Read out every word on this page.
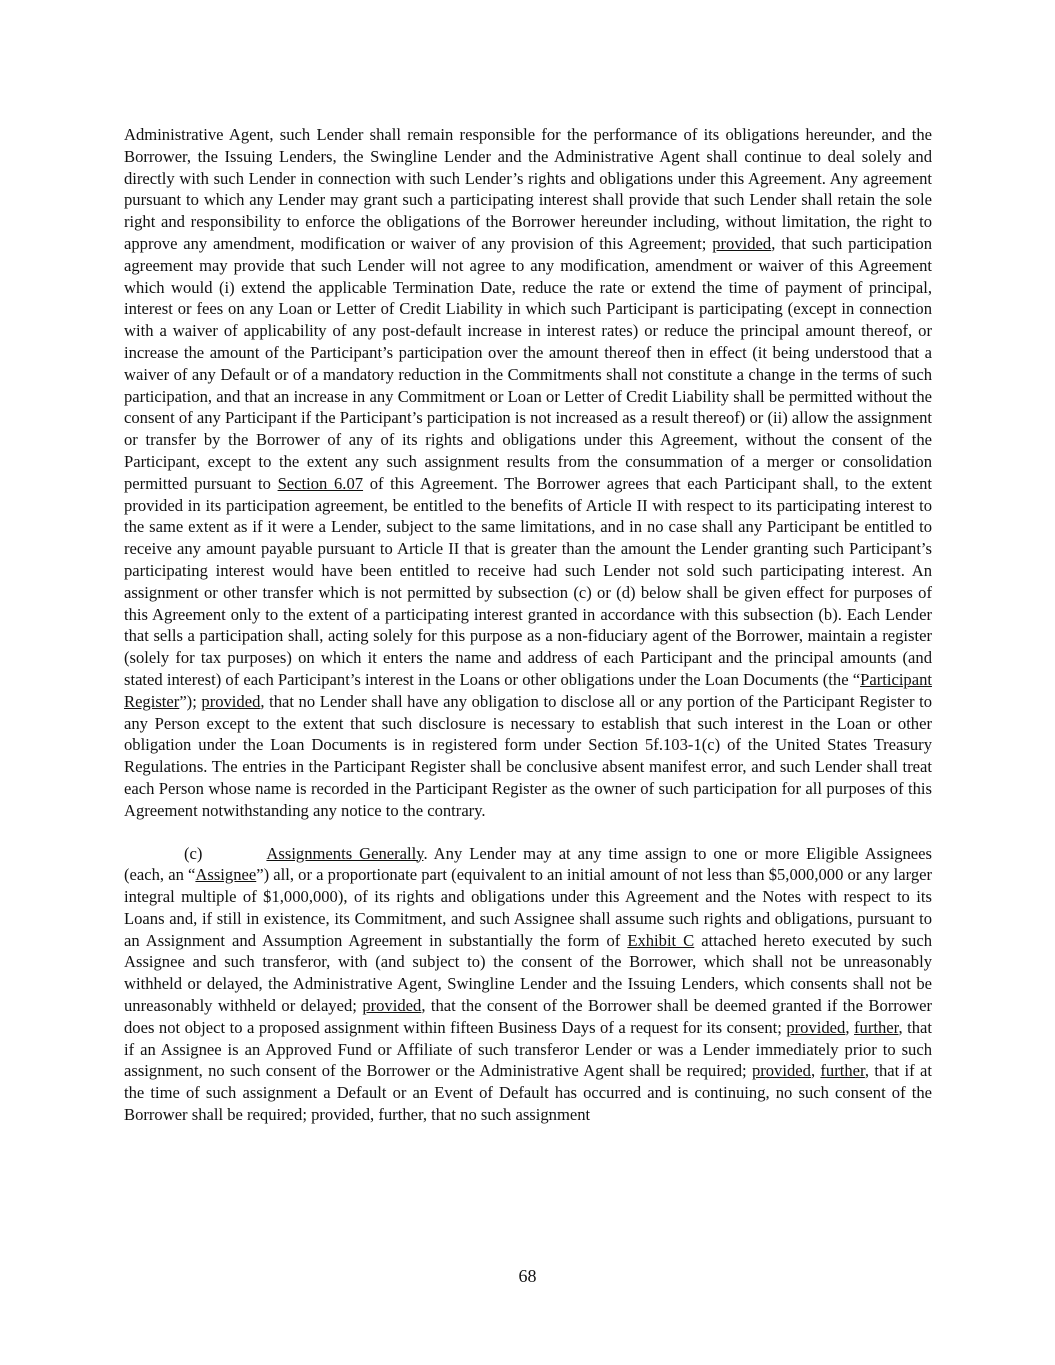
Administrative Agent, such Lender shall remain responsible for the performance of its obligations hereunder, and the Borrower, the Issuing Lenders, the Swingline Lender and the Administrative Agent shall continue to deal solely and directly with such Lender in connection with such Lender’s rights and obligations under this Agreement. Any agreement pursuant to which any Lender may grant such a participating interest shall provide that such Lender shall retain the sole right and responsibility to enforce the obligations of the Borrower hereunder including, without limitation, the right to approve any amendment, modification or waiver of any provision of this Agreement; provided, that such participation agreement may provide that such Lender will not agree to any modification, amendment or waiver of this Agreement which would (i) extend the applicable Termination Date, reduce the rate or extend the time of payment of principal, interest or fees on any Loan or Letter of Credit Liability in which such Participant is participating (except in connection with a waiver of applicability of any post-default increase in interest rates) or reduce the principal amount thereof, or increase the amount of the Participant’s participation over the amount thereof then in effect (it being understood that a waiver of any Default or of a mandatory reduction in the Commitments shall not constitute a change in the terms of such participation, and that an increase in any Commitment or Loan or Letter of Credit Liability shall be permitted without the consent of any Participant if the Participant’s participation is not increased as a result thereof) or (ii) allow the assignment or transfer by the Borrower of any of its rights and obligations under this Agreement, without the consent of the Participant, except to the extent any such assignment results from the consummation of a merger or consolidation permitted pursuant to Section 6.07 of this Agreement. The Borrower agrees that each Participant shall, to the extent provided in its participation agreement, be entitled to the benefits of Article II with respect to its participating interest to the same extent as if it were a Lender, subject to the same limitations, and in no case shall any Participant be entitled to receive any amount payable pursuant to Article II that is greater than the amount the Lender granting such Participant’s participating interest would have been entitled to receive had such Lender not sold such participating interest. An assignment or other transfer which is not permitted by subsection (c) or (d) below shall be given effect for purposes of this Agreement only to the extent of a participating interest granted in accordance with this subsection (b). Each Lender that sells a participation shall, acting solely for this purpose as a non-fiduciary agent of the Borrower, maintain a register (solely for tax purposes) on which it enters the name and address of each Participant and the principal amounts (and stated interest) of each Participant’s interest in the Loans or other obligations under the Loan Documents (the “Participant Register”); provided, that no Lender shall have any obligation to disclose all or any portion of the Participant Register to any Person except to the extent that such disclosure is necessary to establish that such interest in the Loan or other obligation under the Loan Documents is in registered form under Section 5f.103-1(c) of the United States Treasury Regulations. The entries in the Participant Register shall be conclusive absent manifest error, and such Lender shall treat each Person whose name is recorded in the Participant Register as the owner of such participation for all purposes of this Agreement notwithstanding any notice to the contrary.

(c)	Assignments Generally. Any Lender may at any time assign to one or more Eligible Assignees (each, an “Assignee”) all, or a proportionate part (equivalent to an initial amount of not less than $5,000,000 or any larger integral multiple of $1,000,000), of its rights and obligations under this Agreement and the Notes with respect to its Loans and, if still in existence, its Commitment, and such Assignee shall assume such rights and obligations, pursuant to an Assignment and Assumption Agreement in substantially the form of Exhibit C attached hereto executed by such Assignee and such transferor, with (and subject to) the consent of the Borrower, which shall not be unreasonably withheld or delayed, the Administrative Agent, Swingline Lender and the Issuing Lenders, which consents shall not be unreasonably withheld or delayed; provided, that the consent of the Borrower shall be deemed granted if the Borrower does not object to a proposed assignment within fifteen Business Days of a request for its consent; provided, further, that if an Assignee is an Approved Fund or Affiliate of such transferor Lender or was a Lender immediately prior to such assignment, no such consent of the Borrower or the Administrative Agent shall be required; provided, further, that if at the time of such assignment a Default or an Event of Default has occurred and is continuing, no such consent of the Borrower shall be required; provided, further, that no such assignment

68
